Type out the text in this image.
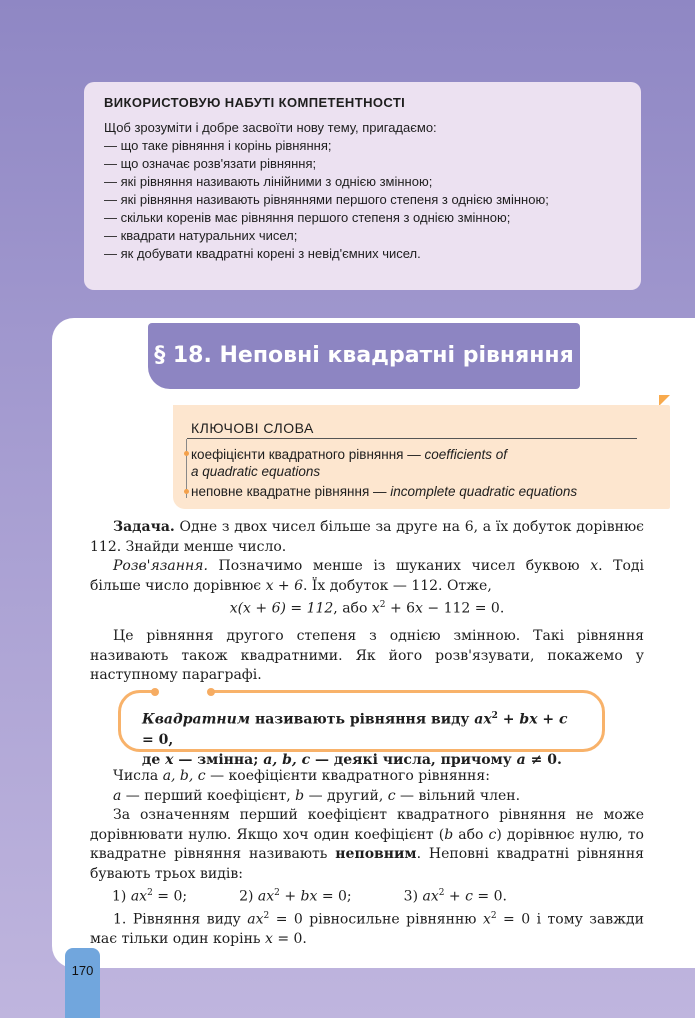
ВИКОРИСТОВУЮ НАБУТІ КОМПЕТЕНТНОСТІ
Щоб зрозуміти і добре засвоїти нову тему, пригадаємо:
— що таке рівняння і корінь рівняння;
— що означає розв'язати рівняння;
— які рівняння називають лінійними з однією змінною;
— які рівняння називають рівняннями першого степеня з однією змінною;
— скільки коренів має рівняння першого степеня з однією змінною;
— квадрати натуральних чисел;
— як добувати квадратні корені з невід'ємних чисел.
§ 18. Неповні квадратні рівняння
КЛЮЧОВІ СЛОВА
коефіцієнти квадратного рівняння — coefficients of
a quadratic equations
неповне квадратне рівняння — incomplete quadratic equations

Задача. Одне з двох чисел більше за друге на 6, а їх добуток дорівнює 112. Знайди менше число.

Розв'язання. Позначимо менше із шуканих чисел буквою x. Тоді більше число дорівнює x + 6. Їх добуток — 112. Отже,

x(x + 6) = 112, або $x^2 + 6x - 112 = 0$.

Це рівняння другого степеня з однією змінною. Такі рівняння називають також квадратними. Як його розв'язувати, покажемо у наступному параграфі.

Квадратним називають рівняння виду $ax^2$ + bx + c = 0,
де x — змінна; a, b, c — деякі числа, причому a ≠ 0.

Числа a, b, c — коефіцієнти квадратного рівняння:

a — перший коефіцієнт, b — другий, c — вільний член.

За означенням перший коефіцієнт квадратного рівняння не може дорівнювати нулю. Якщо хоч один коефіцієнт (b або c) дорівнює нулю, то квадратне рівняння називають неповним. Неповні квадратні рівняння бувають трьох видів:

1) $ax^2 = 0$;	2) $ax^2$ + bx = 0;	3) $ax^2 + c = 0$.

1. Рівняння виду $ax^2 = 0$ рівносильне рівнянню $x^2 = 0$ і тому завжди має тільки один корінь x = 0.

170
